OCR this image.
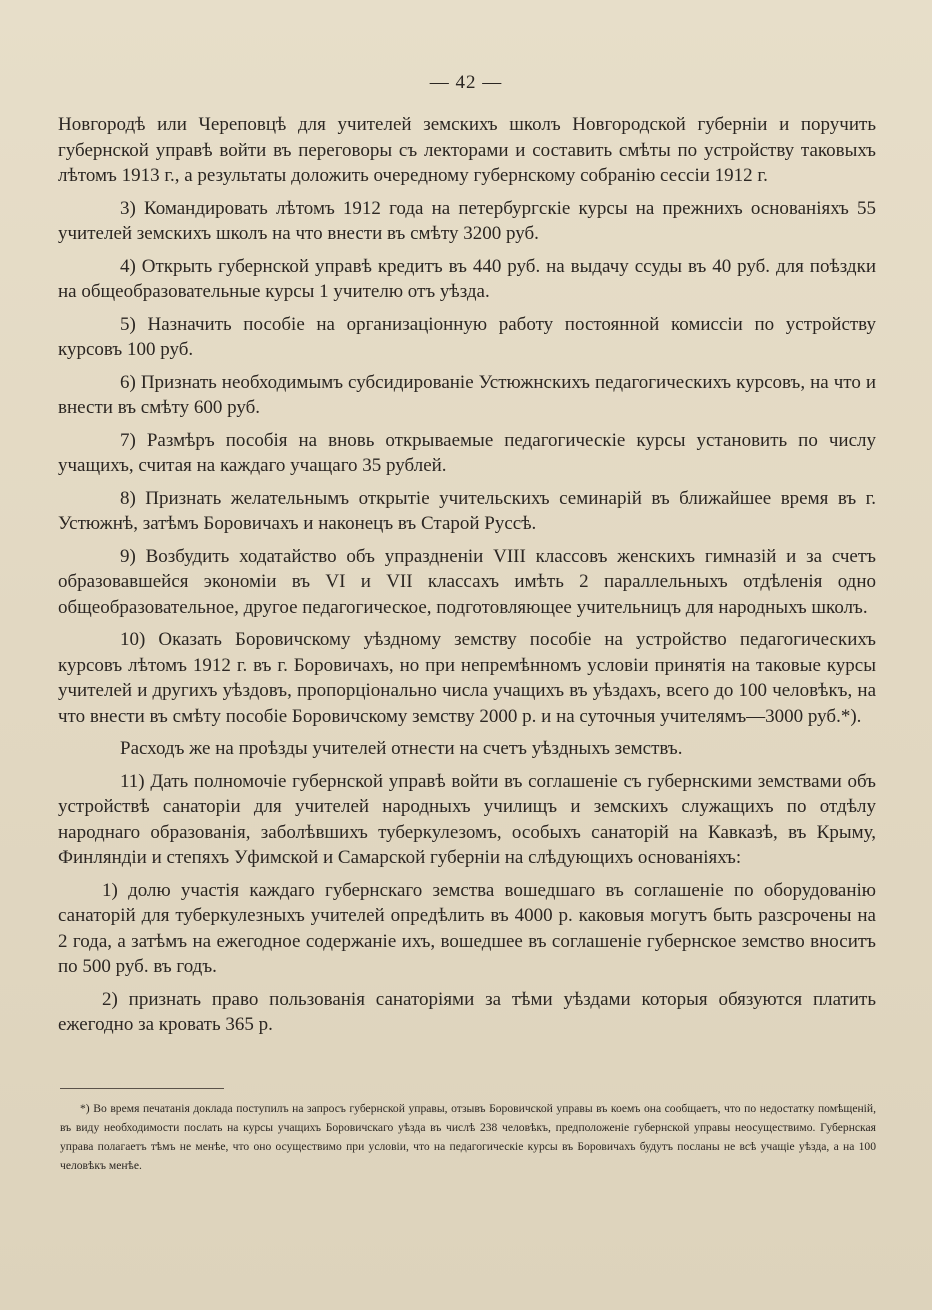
— 42 —

Новгородѣ или Череповцѣ для учителей земскихъ школъ Новгородской губерніи и поручить губернской управѣ войти въ переговоры съ лекторами и составить смѣты по устройству таковыхъ лѣтомъ 1913 г., а результаты доложить очередному губернскому собранію сессіи 1912 г.

3) Командировать лѣтомъ 1912 года на петербургскіе курсы на прежнихъ основаніяхъ 55 учителей земскихъ школъ на что внести въ смѣту 3200 руб.

4) Открыть губернской управѣ кредитъ въ 440 руб. на выдачу ссуды въ 40 руб. для поѣздки на общеобразовательные курсы 1 учителю отъ уѣзда.

5) Назначить пособіе на организаціонную работу постоянной комиссіи по устройству курсовъ 100 руб.

6) Признать необходимымъ субсидированіе Устюжнскихъ педагогическихъ курсовъ, на что и внести въ смѣту 600 руб.

7) Размѣръ пособія на вновь открываемые педагогическіе курсы установить по числу учащихъ, считая на каждаго учащаго 35 рублей.

8) Признать желательнымъ открытіе учительскихъ семинарій въ ближайшее время въ г. Устюжнѣ, затѣмъ Боровичахъ и наконецъ въ Старой Руссѣ.

9) Возбудить ходатайство объ упраздненіи VIII классовъ женскихъ гимназій и за счетъ образовавшейся экономіи въ VI и VII классахъ имѣть 2 параллельныхъ отдѣленія одно общеобразовательное, другое педагогическое, подготовляющее учительницъ для народныхъ школъ.

10) Оказать Боровичскому уѣздному земству пособіе на устройство педагогическихъ курсовъ лѣтомъ 1912 г. въ г. Боровичахъ, но при непремѣнномъ условіи принятія на таковые курсы учителей и другихъ уѣздовъ, пропорціонально числа учащихъ въ уѣздахъ, всего до 100 человѣкъ, на что внести въ смѣту пособіе Боровичскому земству 2000 р. и на суточныя учителямъ—3000 руб.*).

Расходъ же на проѣзды учителей отнести на счетъ уѣздныхъ земствъ.

11) Дать полномочіе губернской управѣ войти въ соглашеніе съ губернскими земствами объ устройствѣ санаторіи для учителей народныхъ училищъ и земскихъ служащихъ по отдѣлу народнаго образованія, заболѣвшихъ туберкулезомъ, особыхъ санаторій на Кавказѣ, въ Крыму, Финляндіи и степяхъ Уфимской и Самарской губерніи на слѣдующихъ основаніяхъ:

1) долю участія каждаго губернскаго земства вошедшаго въ соглашеніе по оборудованію санаторій для туберкулезныхъ учителей опредѣлить въ 4000 р. каковыя могутъ быть разсрочены на 2 года, а затѣмъ на ежегодное содержаніе ихъ, вошедшее въ соглашеніе губернское земство вноситъ по 500 руб. въ годъ.

2) признать право пользованія санаторіями за тѣми уѣздами которыя обязуются платить ежегодно за кровать 365 р.

*) Во время печатанія доклада поступилъ на запросъ губернской управы, отзывъ Боровичской управы въ коемъ она сообщаетъ, что по недостатку помѣщеній, въ виду необходимости послать на курсы учащихъ Боровичскаго уѣзда въ числѣ 238 человѣкъ, предположеніе губернской управы неосуществимо. Губернская управа полагаетъ тѣмъ не менѣе, что оно осуществимо при условіи, что на педагогическіе курсы въ Боровичахъ будутъ посланы не всѣ учащіе уѣзда, а на 100 человѣкъ менѣе.
